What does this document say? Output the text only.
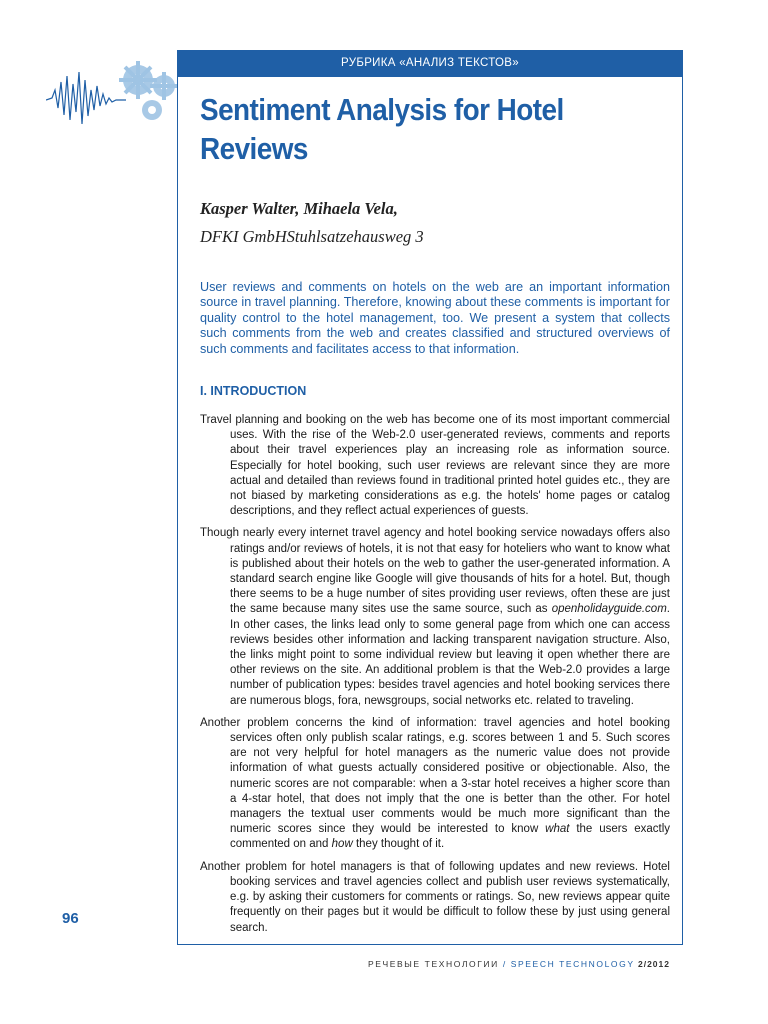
РУБРИКА «АНАЛИЗ ТЕКСТОВ»
Sentiment Analysis for Hotel Reviews
Kasper Walter, Mihaela Vela,
DFKI GmbHStuhlsatzehausweg 3
User reviews and comments on hotels on the web are an important information source in travel planning. Therefore, knowing about these comments is important for quality control to the hotel management, too. We present a system that collects such comments from the web and creates classified and structured overviews of such comments and facilitates access to that information.
I. INTRODUCTION

Travel planning and booking on the web has become one of its most important commercial uses. With the rise of the Web-2.0 user-generated reviews, comments and reports about their travel experiences play an increasing role as information source. Especially for hotel booking, such user reviews are relevant since they are more actual and detailed than reviews found in traditional printed hotel guides etc., they are not biased by marketing considerations as e.g. the hotels' home pages or catalog descriptions, and they reflect actual experiences of guests.

Though nearly every internet travel agency and hotel booking service nowadays offers also ratings and/or reviews of hotels, it is not that easy for hoteliers who want to know what is published about their hotels on the web to gather the user-generated information. A standard search engine like Google will give thousands of hits for a hotel. But, though there seems to be a huge number of sites providing user reviews, often these are just the same because many sites use the same source, such as openholidayguide.com. In other cases, the links lead only to some general page from which one can access reviews besides other information and lacking transparent navigation structure. Also, the links might point to some individual review but leaving it open whether there are other reviews on the site. An additional problem is that the Web-2.0 provides a large number of publication types: besides travel agencies and hotel booking services there are numerous blogs, fora, newsgroups, social networks etc. related to traveling.

Another problem concerns the kind of information: travel agencies and hotel booking services often only publish scalar ratings, e.g. scores between 1 and 5. Such scores are not very helpful for hotel managers as the numeric value does not provide information of what guests actually considered positive or objectionable. Also, the numeric scores are not comparable: when a 3-star hotel receives a higher score than a 4-star hotel, that does not imply that the one is better than the other. For hotel managers the textual user comments would be much more significant than the numeric scores since they would be interested to know what the users exactly commented on and how they thought of it.

Another problem for hotel managers is that of following updates and new reviews. Hotel booking services and travel agencies collect and publish user reviews systematically, e.g. by asking their customers for comments or ratings. So, new reviews appear quite frequently on their pages but it would be difficult to follow these by just using general search.

96
РЕЧЕВЫЕ ТЕХНОЛОГИИ / SPEECH TECHNOLOGY 2/2012
